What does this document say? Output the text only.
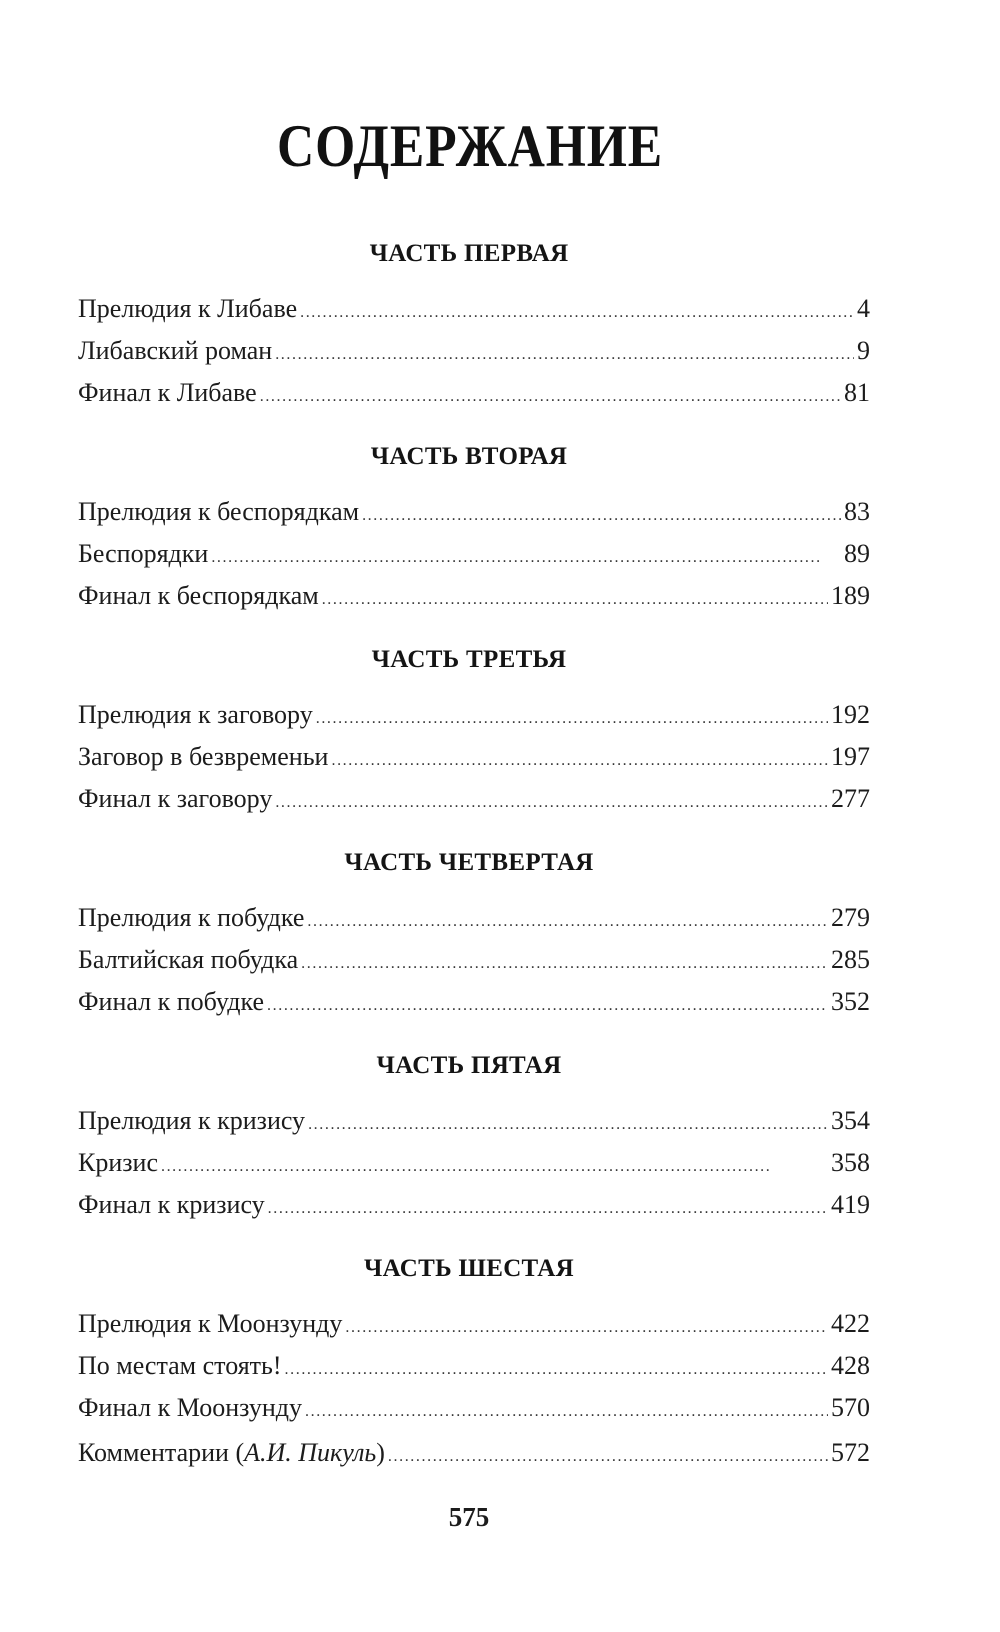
СОДЕРЖАНИЕ
ЧАСТЬ ПЕРВАЯ
Прелюдия к Либаве . . .	4
Либавский роман . . .	9
Финал к Либаве . . .	81
ЧАСТЬ ВТОРАЯ
Прелюдия к беспорядкам . . .	83
Беспорядки . . .	89
Финал к беспорядкам . . .	189
ЧАСТЬ ТРЕТЬЯ
Прелюдия к заговору . . .	192
Заговор в безвременьи . . .	197
Финал к заговору . . .	277
ЧАСТЬ ЧЕТВЕРТАЯ
Прелюдия к побудке . . .	279
Балтийская побудка . . .	285
Финал к побудке . . .	352
ЧАСТЬ ПЯТАЯ
Прелюдия к кризису . . .	354
Кризис . . .	358
Финал к кризису . . .	419
ЧАСТЬ ШЕСТАЯ
Прелюдия к Моонзунду . . .	422
По местам стоять! . . .	428
Финал к Моонзунду . . .	570
Комментарии (А.И. Пикуль) . . .	572
575
